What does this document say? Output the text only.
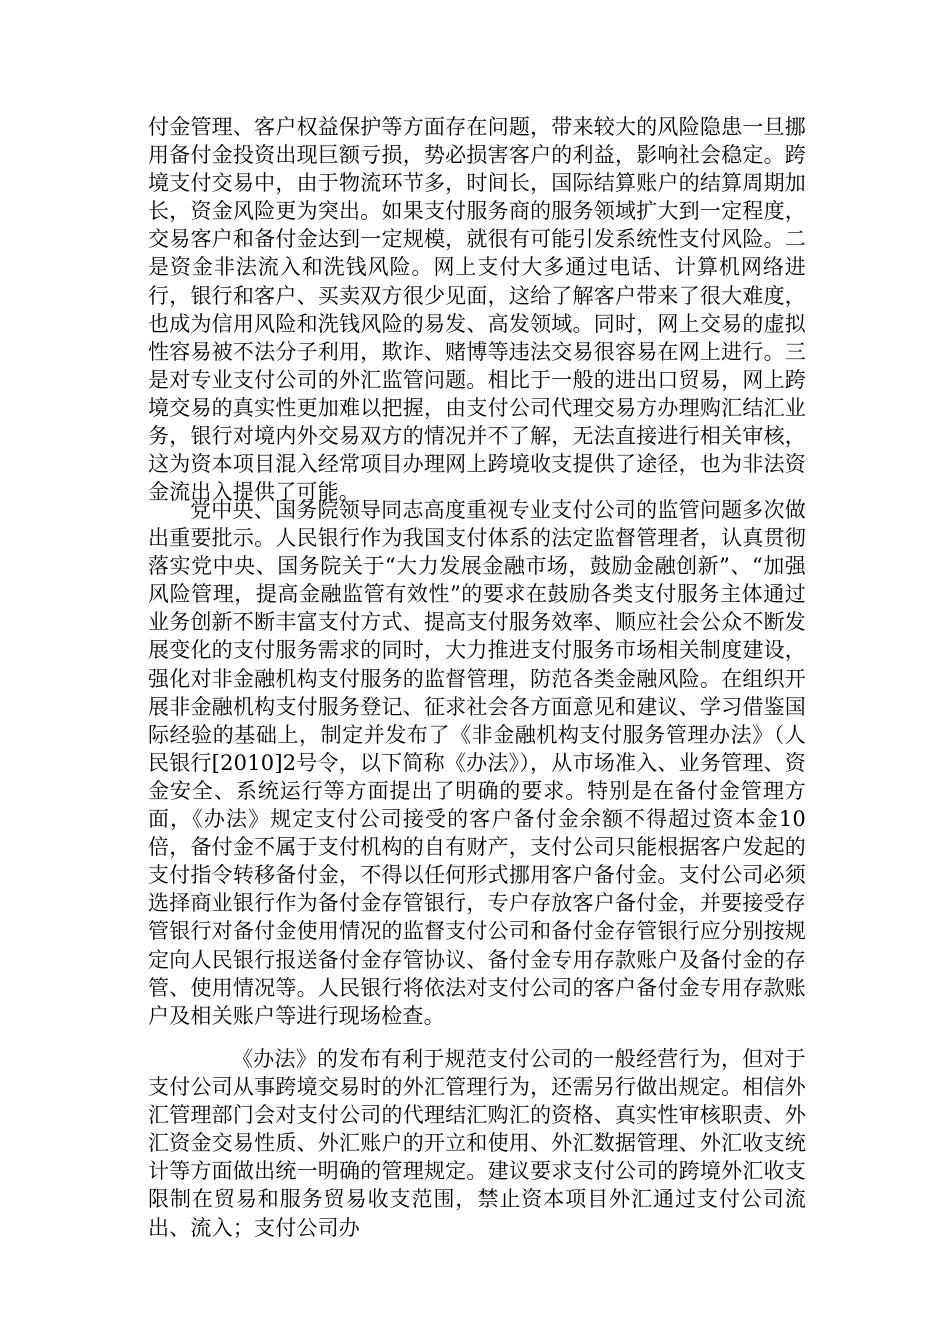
付金管理、客户权益保护等方面存在问题，带来较大的风险隐患一旦挪用备付金投资出现巨额亏损，势必损害客户的利益，影响社会稳定。跨境支付交易中，由于物流环节多，时间长，国际结算账户的结算周期加长，资金风险更为突出。如果支付服务商的服务领域扩大到一定程度，交易客户和备付金达到一定规模，就很有可能引发系统性支付风险。二是资金非法流入和洗钱风险。网上支付大多通过电话、计算机网络进行，银行和客户、买卖双方很少见面，这给了解客户带来了很大难度，也成为信用风险和洗钱风险的易发、高发领域。同时，网上交易的虚拟性容易被不法分子利用，欺诈、赌博等违法交易很容易在网上进行。三是对专业支付公司的外汇监管问题。相比于一般的进出口贸易，网上跨境交易的真实性更加难以把握，由支付公司代理交易方办理购汇结汇业务，银行对境内外交易双方的情况并不了解，无法直接进行相关审核，这为资本项目混入经常项目办理网上跨境收支提供了途径，也为非法资金流出入提供了可能。

党中央、国务院领导同志高度重视专业支付公司的监管问题多次做出重要批示。人民银行作为我国支付体系的法定监督管理者，认真贯彻落实党中央、国务院关于“大力发展金融市场，鼓励金融创新”、“加强风险管理，提高金融监管有效性”的要求在鼓励各类支付服务主体通过业务创新不断丰富支付方式、提高支付服务效率、顺应社会公众不断发展变化的支付服务需求的同时，大力推进支付服务市场相关制度建设，强化对非金融机构支付服务的监督管理，防范各类金融风险。在组织开展非金融机构支付服务登记、征求社会各方面意见和建议、学习借鉴国际经验的基础上，制定并发布了《非金融机构支付服务管理办法》（人民银行[2010]2号令，以下简称《办法》），从市场准入、业务管理、资金安全、系统运行等方面提出了明确的要求。特别是在备付金管理方面，《办法》规定支付公司接受的客户备付金余额不得超过资本金10倍，备付金不属于支付机构的自有财产，支付公司只能根据客户发起的支付指令转移备付金，不得以任何形式挪用客户备付金。支付公司必须选择商业银行作为备付金存管银行，专户存放客户备付金，并要接受存管银行对备付金使用情况的监督支付公司和备付金存管银行应分别按规定向人民银行报送备付金存管协议、备付金专用存款账户及备付金的存管、使用情况等。人民银行将依法对支付公司的客户备付金专用存款账户及相关账户等进行现场检查。

《办法》的发布有利于规范支付公司的一般经营行为，但对于支付公司从事跨境交易时的外汇管理行为，还需另行做出规定。相信外汇管理部门会对支付公司的代理结汇购汇的资格、真实性审核职责、外汇资金交易性质、外汇账户的开立和使用、外汇数据管理、外汇收支统计等方面做出统一明确的管理规定。建议要求支付公司的跨境外汇收支限制在贸易和服务贸易收支范围，禁止资本项目外汇通过支付公司流出、流入；支付公司办
